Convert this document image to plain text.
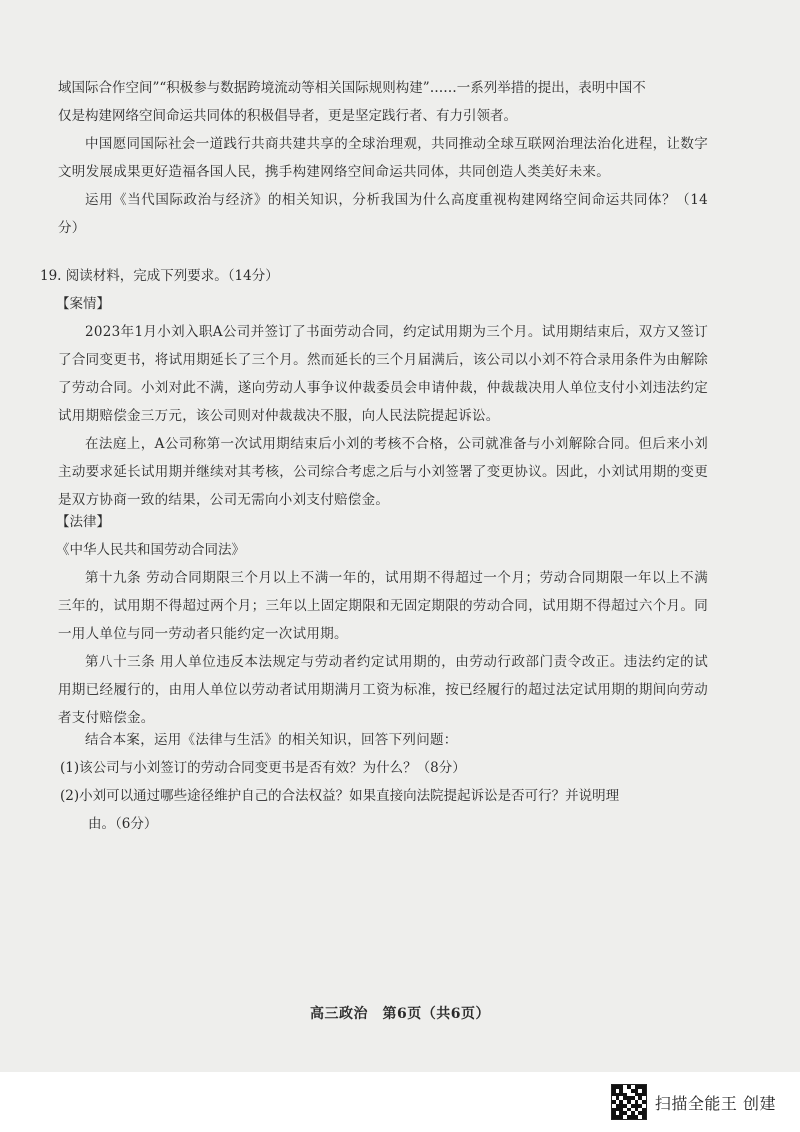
域国际合作空间”“积极参与数据跨境流动等相关国际规则构建”……一系列举措的提出，表明中国不
仅是构建网络空间命运共同体的积极倡导者，更是坚定践行者、有力引领者。
中国愿同国际社会一道践行共商共建共享的全球治理观，共同推动全球互联网治理法治化进程，让数字文明发展成果更好造福各国人民，携手构建网络空间命运共同体，共同创造人类美好未来。
运用《当代国际政治与经济》的相关知识，分析我国为什么高度重视构建网络空间命运共同体？（14分）
19. 阅读材料，完成下列要求。（14分）
【案情】
2023年1月小刘入职A公司并签订了书面劳动合同，约定试用期为三个月。试用期结束后，双方又签订了合同变更书，将试用期延长了三个月。然而延长的三个月届满后，该公司以小刘不符合录用条件为由解除了劳动合同。小刘对此不满，遂向劳动人事争议仲裁委员会申请仲裁，仲裁裁决用人单位支付小刘违法约定试用期赔偿金三万元，该公司则对仲裁裁决不服，向人民法院提起诉讼。
在法庭上，A公司称第一次试用期结束后小刘的考核不合格，公司就准备与小刘解除合同。但后来小刘主动要求延长试用期并继续对其考核，公司综合考虑之后与小刘签署了变更协议。因此，小刘试用期的变更是双方协商一致的结果，公司无需向小刘支付赔偿金。
【法律】
《中华人民共和国劳动合同法》
第十九条 劳动合同期限三个月以上不满一年的，试用期不得超过一个月；劳动合同期限一年以上不满三年的，试用期不得超过两个月；三年以上固定期限和无固定期限的劳动合同，试用期不得超过六个月。同一用人单位与同一劳动者只能约定一次试用期。
第八十三条 用人单位违反本法规定与劳动者约定试用期的，由劳动行政部门责令改正。违法约定的试用期已经履行的，由用人单位以劳动者试用期满月工资为标准，按已经履行的超过法定试用期的期间向劳动者支付赔偿金。
结合本案，运用《法律与生活》的相关知识，回答下列问题：
(1)该公司与小刘签订的劳动合同变更书是否有效？为什么？（8分）
(2)小刘可以通过哪些途径维护自己的合法权益？如果直接向法院提起诉讼是否可行？并说明理
由。（6分）
高三政治　第6页（共6页）
扫描全能王 创建
